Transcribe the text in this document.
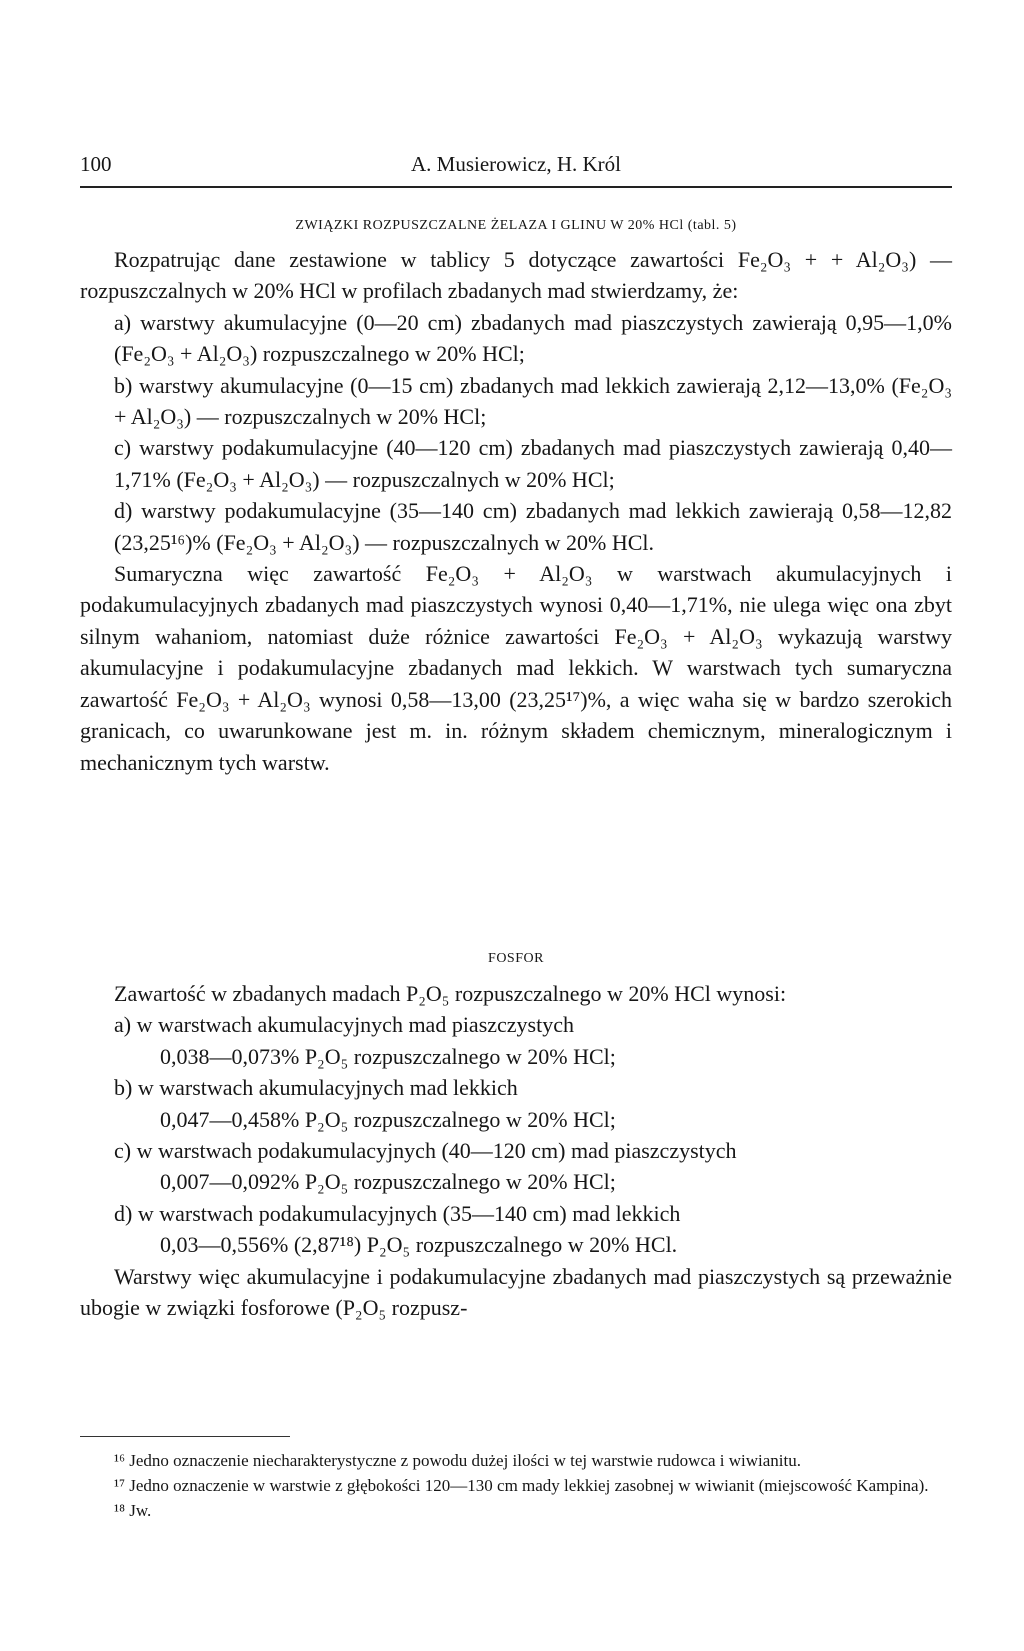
100	A. Musierowicz, H. Król
ZWIĄZKI ROZPUSZCZALNE ŻELAZA I GLINU W 20% HCl (tabl. 5)

Rozpatrując dane zestawione w tablicy 5 dotyczące zawartości Fe₂O₃ + + Al₂O₃) — rozpuszczalnych w 20% HCl w profilach zbadanych mad stwierdzamy, że:

a) warstwy akumulacyjne (0—20 cm) zbadanych mad piaszczystych zawierają 0,95—1,0% (Fe₂O₃ + Al₂O₃) rozpuszczalnego w 20% HCl;

b) warstwy akumulacyjne (0—15 cm) zbadanych mad lekkich zawierają 2,12—13,0% (Fe₂O₃ + Al₂O₃) — rozpuszczalnych w 20% HCl;

c) warstwy podakumulacyjne (40—120 cm) zbadanych mad piaszczystych zawierają 0,40—1,71% (Fe₂O₃ + Al₂O₃) — rozpuszczalnych w 20% HCl;

d) warstwy podakumulacyjne (35—140 cm) zbadanych mad lekkich zawierają 0,58—12,82 (23,25¹⁶)% (Fe₂O₃ + Al₂O₃) — rozpuszczalnych w 20% HCl.

Sumaryczna więc zawartość Fe₂O₃ + Al₂O₃ w warstwach akumulacyjnych i podakumulacyjnych zbadanych mad piaszczystych wynosi 0,40—1,71%, nie ulega więc ona zbyt silnym wahaniom, natomiast duże różnice zawartości Fe₂O₃ + Al₂O₃ wykazują warstwy akumulacyjne i podakumulacyjne zbadanych mad lekkich. W warstwach tych sumaryczna zawartość Fe₂O₃ + Al₂O₃ wynosi 0,58—13,00 (23,25¹⁷)%, a więc waha się w bardzo szerokich granicach, co uwarunkowane jest m. in. różnym składem chemicznym, mineralogicznym i mechanicznym tych warstw.

FOSFOR

Zawartość w zbadanych madach P₂O₅ rozpuszczalnego w 20% HCl wynosi:

a) w warstwach akumulacyjnych mad piaszczystych

0,038—0,073% P₂O₅ rozpuszczalnego w 20% HCl;

b) w warstwach akumulacyjnych mad lekkich

0,047—0,458% P₂O₅ rozpuszczalnego w 20% HCl;

c) w warstwach podakumulacyjnych (40—120 cm) mad piaszczystych

0,007—0,092% P₂O₅ rozpuszczalnego w 20% HCl;

d) w warstwach podakumulacyjnych (35—140 cm) mad lekkich

0,03—0,556% (2,87¹⁸) P₂O₅ rozpuszczalnego w 20% HCl.

Warstwy więc akumulacyjne i podakumulacyjne zbadanych mad piaszczystych są przeważnie ubogie w związki fosforowe (P₂O₅ rozpusz-

¹⁶ Jedno oznaczenie niecharakterystyczne z powodu dużej ilości w tej warstwie rudowca i wiwianitu.

¹⁷ Jedno oznaczenie w warstwie z głębokości 120—130 cm mady lekkiej zasobnej w wiwianit (miejscowość Kampina).

¹⁸ Jw.
